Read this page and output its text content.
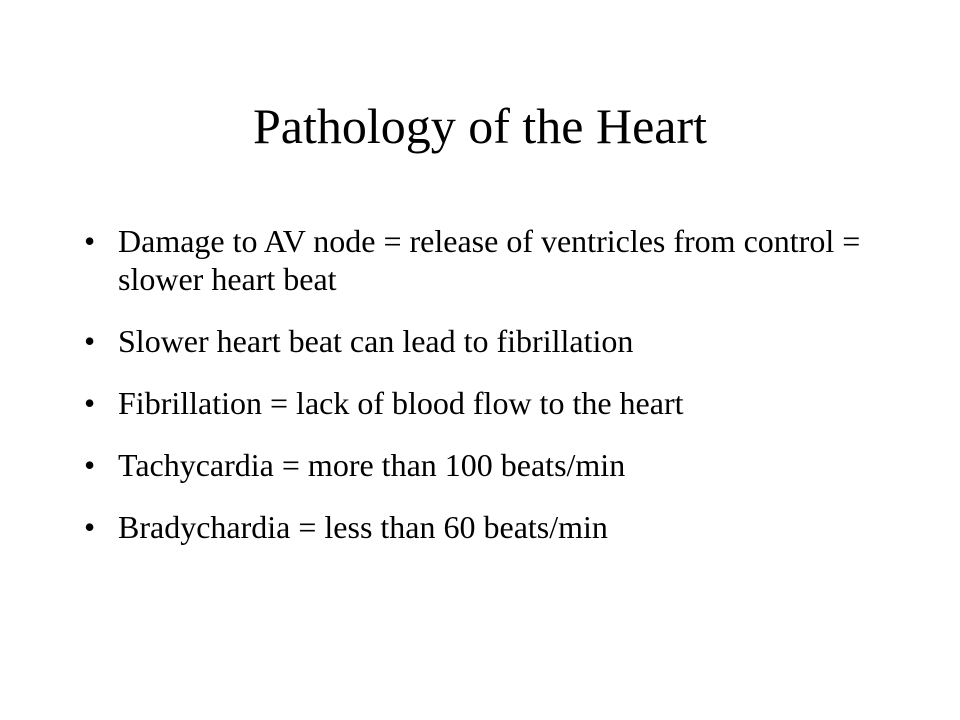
Pathology of the Heart
• Damage to AV node = release of ventricles from control = slower heart beat
• Slower heart beat can lead to fibrillation
• Fibrillation = lack of blood flow to the heart
• Tachycardia = more than 100 beats/min
• Bradychardia = less than 60 beats/min
